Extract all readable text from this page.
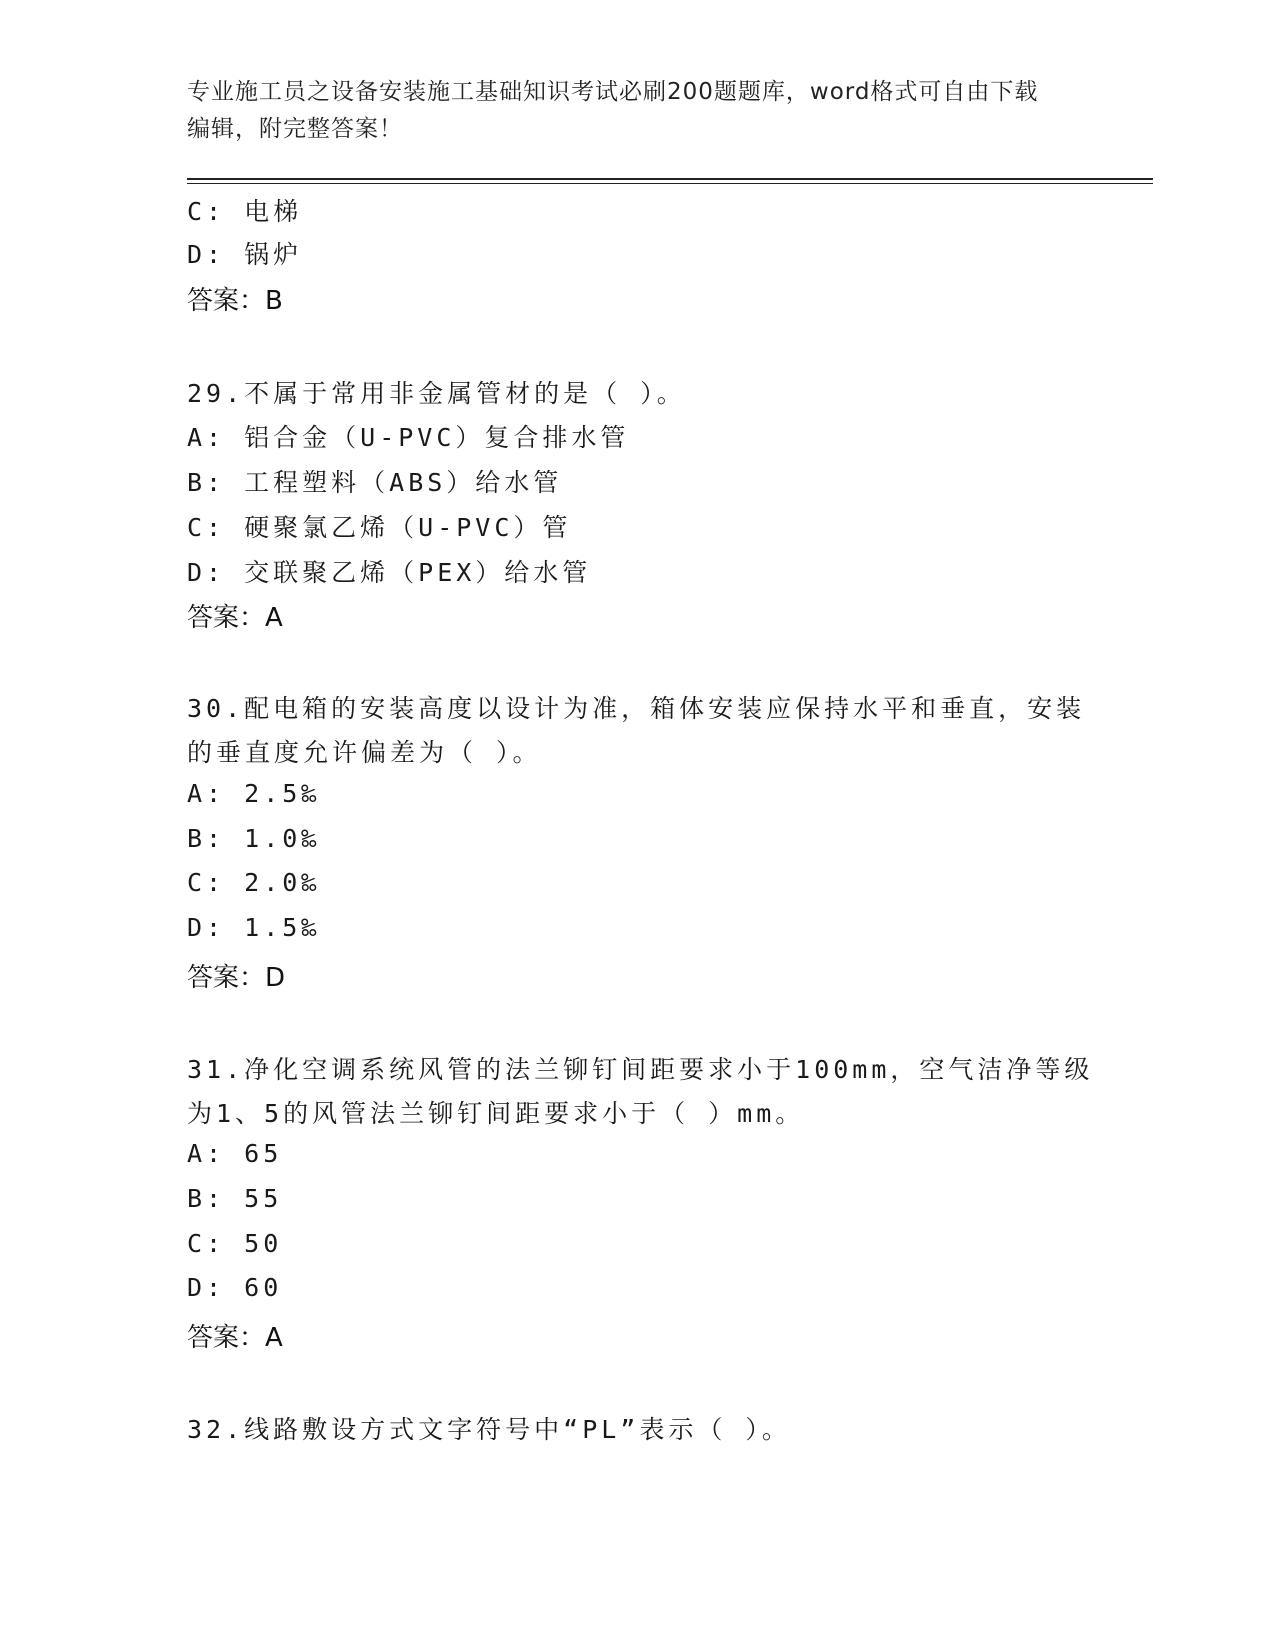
专业施工员之设备安装施工基础知识考试必刷200题题库，word格式可自由下载
编辑，附完整答案！
C: 电梯
D: 锅炉
答案：B
29.不属于常用非金属管材的是（ ）。
A: 铝合金（U-PVC）复合排水管
B: 工程塑料（ABS）给水管
C: 硬聚氯乙烯（U-PVC）管
D: 交联聚乙烯（PEX）给水管
答案：A
30.配电箱的安装高度以设计为准，箱体安装应保持水平和垂直，安装
的垂直度允许偏差为（ ）。
A: 2.5‰
B: 1.0‰
C: 2.0‰
D: 1.5‰
答案：D
31.净化空调系统风管的法兰铆钉间距要求小于100mm，空气洁净等级
为1、5的风管法兰铆钉间距要求小于（ ）mm。
A: 65
B: 55
C: 50
D: 60
答案：A
32.线路敷设方式文字符号中“PL”表示（ ）。
